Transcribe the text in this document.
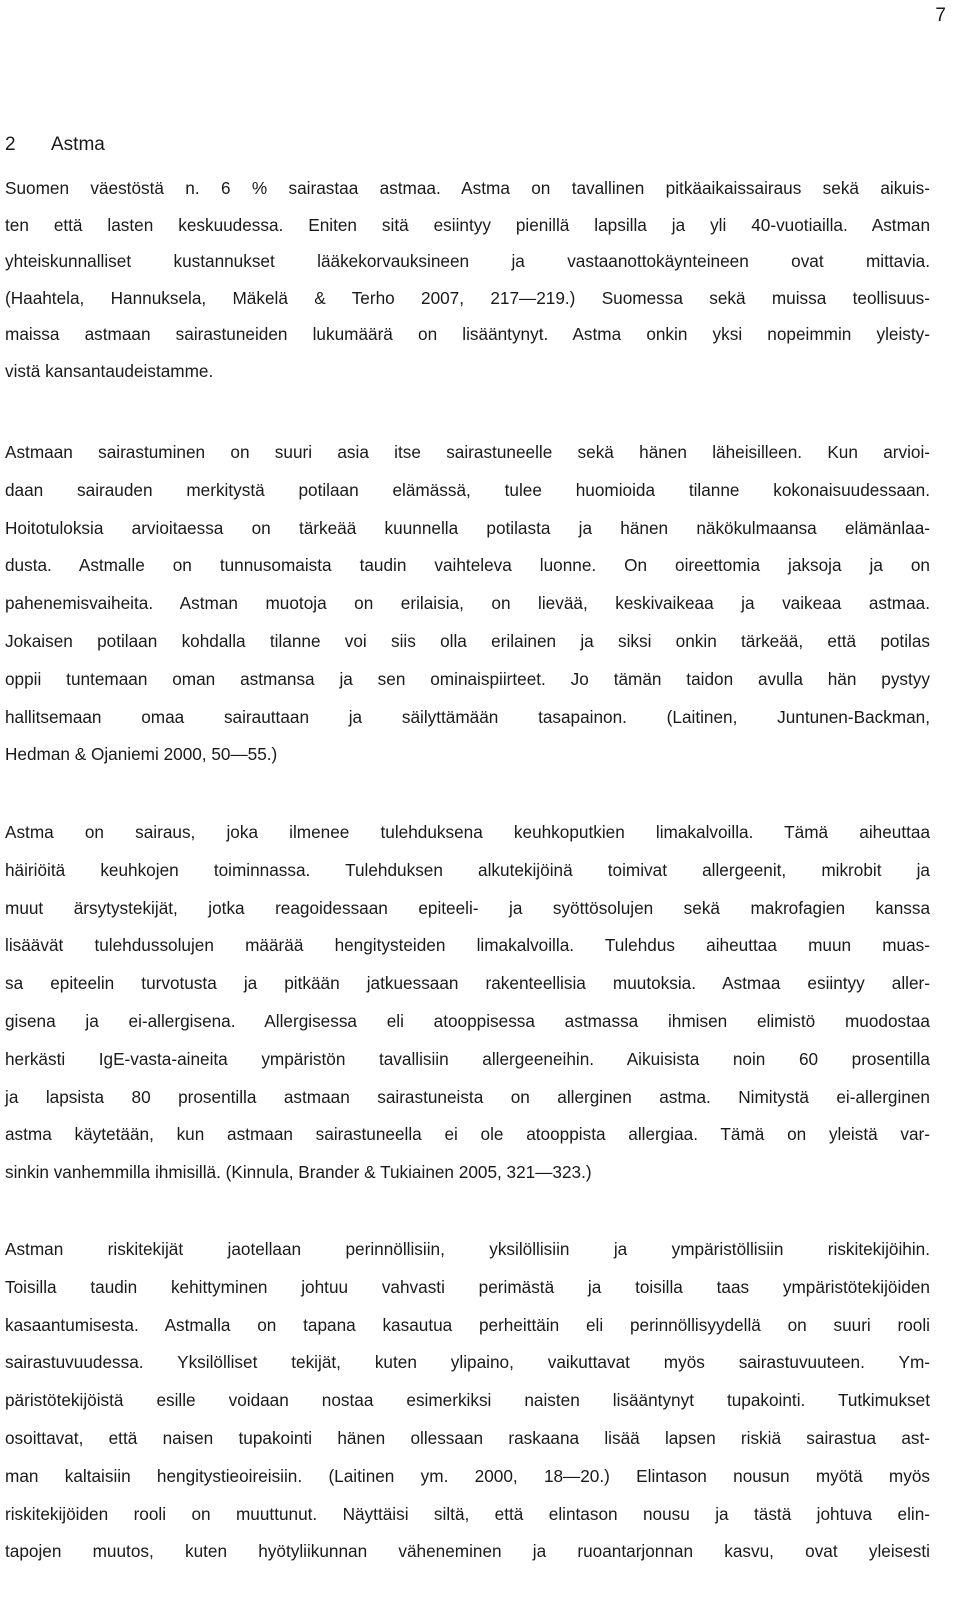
7
2 Astma
Suomen väestöstä n. 6 % sairastaa astmaa. Astma on tavallinen pitkäaikaissairaus sekä aikuis-
ten että lasten keskuudessa. Eniten sitä esiintyy pienillä lapsilla ja yli 40-vuotiailla. Astman
yhteiskunnalliset kustannukset lääkekorvauksineen ja vastaanottokäynteineen ovat mittavia.
(Haahtela, Hannuksela, Mäkelä & Terho 2007, 217—219.) Suomessa sekä muissa teollisuus-
maissa astmaan sairastuneiden lukumäärä on lisääntynyt. Astma onkin yksi nopeimmin yleisty-
vistä kansantaudeistamme.
Astmaan sairastuminen on suuri asia itse sairastuneelle sekä hänen läheisilleen. Kun arvioi-
daan sairauden merkitystä potilaan elämässä, tulee huomioida tilanne kokonaisuudessaan.
Hoitotuloksia arvioitaessa on tärkeää kuunnella potilasta ja hänen näkökulmaansa elämänlaa-
dusta. Astmalle on tunnusomaista taudin vaihteleva luonne. On oireettomia jaksoja ja on
pahenemisvaiheita. Astman muotoja on erilaisia, on lievää, keskivaikeaa ja vaikeaa astmaa.
Jokaisen potilaan kohdalla tilanne voi siis olla erilainen ja siksi onkin tärkeää, että potilas
oppii tuntemaan oman astmansa ja sen ominaispiirteet. Jo tämän taidon avulla hän pystyy
hallitsemaan omaa sairauttaan ja säilyttämään tasapainon. (Laitinen, Juntunen-Backman,
Hedman & Ojaniemi 2000, 50—55.)
Astma on sairaus, joka ilmenee tulehduksena keuhkoputkien limakalvoilla. Tämä aiheuttaa
häiriöitä keuhkojen toiminnassa. Tulehduksen alkutekijöinä toimivat allergeenit, mikrobit ja
muut ärsytystekijät, jotka reagoidessaan epiteeli- ja syöttösolujen sekä makrofagien kanssa
lisäävät tulehdussolujen määrää hengitysteiden limakalvoilla. Tulehdus aiheuttaa muun muas-
sa epiteelin turvotusta ja pitkään jatkuessaan rakenteellisia muutoksia. Astmaa esiintyy aller-
gisena ja ei-allergisena. Allergisessa eli atooppisessa astmassa ihmisen elimistö muodostaa
herkästi IgE-vasta-aineita ympäristön tavallisiin allergeeneihin. Aikuisista noin 60 prosentilla
ja lapsista 80 prosentilla astmaan sairastuneista on allerginen astma. Nimitystä ei-allerginen
astma käytetään, kun astmaan sairastuneella ei ole atooppista allergiaa. Tämä on yleistä var-
sinkin vanhemmilla ihmisillä. (Kinnula, Brander & Tukiainen 2005, 321—323.)
Astman riskitekijät jaotellaan perinnöllisiin, yksilöllisiin ja ympäristöllisiin riskitekijöihin.
Toisilla taudin kehittyminen johtuu vahvasti perimästä ja toisilla taas ympäristötekijöiden
kasaantumisesta. Astmalla on tapana kasautua perheittäin eli perinnöllisyydellä on suuri rooli
sairastuvuudessa. Yksilölliset tekijät, kuten ylipaino, vaikuttavat myös sairastuvuuteen. Ym-
päristötekijöistä esille voidaan nostaa esimerkiksi naisten lisääntynyt tupakointi. Tutkimukset
osoittavat, että naisen tupakointi hänen ollessaan raskaana lisää lapsen riskiä sairastua ast-
man kaltaisiin hengitystieoireisiin. (Laitinen ym. 2000, 18—20.) Elintason nousun myötä myös
riskitekijöiden rooli on muuttunut. Näyttäisi siltä, että elintason nousu ja tästä johtuva elin-
tapojen muutos, kuten hyötyliikunnan väheneminen ja ruoantarjonnan kasvu, ovat yleisesti
